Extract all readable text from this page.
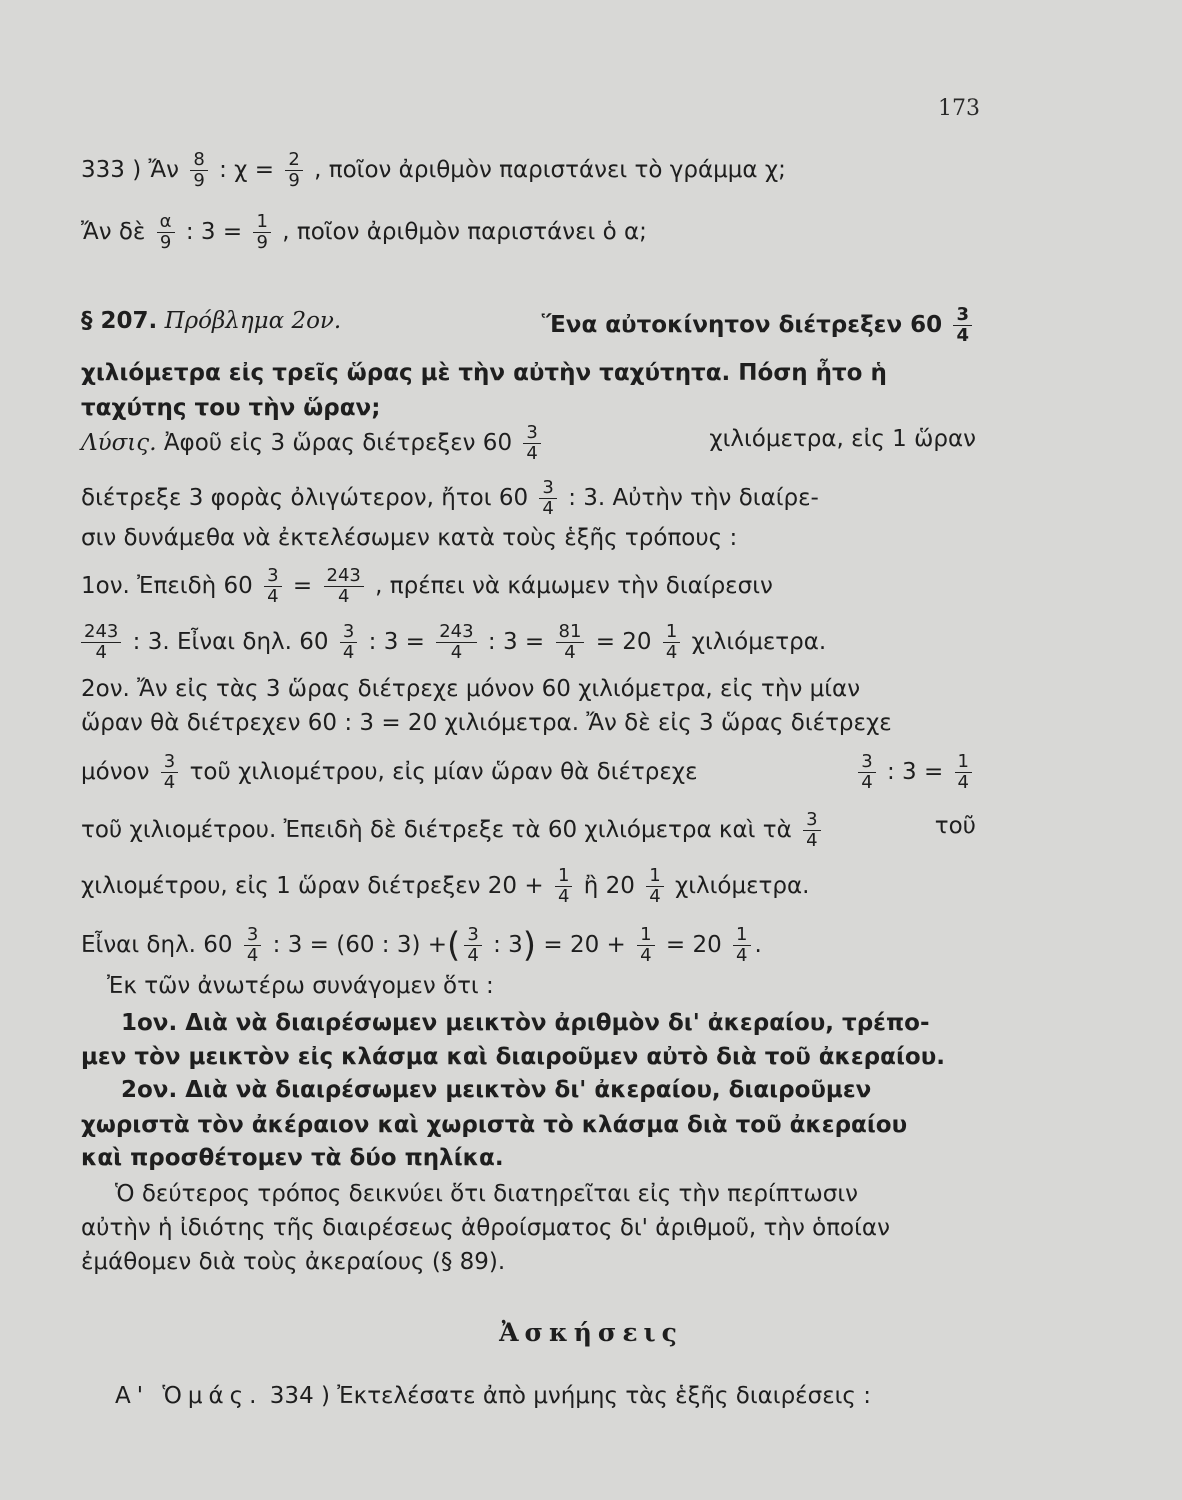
173
333 ) Ἄν $\frac{8}{9}$ : $\chi = \frac{2}{9}$ , ποῖον ἀριθμὸν παριστάνει τὸ γράμμα χ;
Ἄν δὲ $\frac{\alpha}{9}$ : $3 = \frac{1}{9}$ , ποῖον ἀριθμὸν παριστάνει ὁ α;
§ 207. Πρόβλημα 2ον.	Ἕνα αὐτοκίνητον διέτρεξεν $60 \frac{3}{4}$
χιλιόμετρα εἰς τρεῖς ὥρας μὲ τὴν αὐτὴν ταχύτητα. Πόση ἦτο ἡ
ταχύτης του τὴν ὥραν;
Λύσις. Ἀφοῦ εἰς 3 ὥρας διέτρεξεν $60 \frac{3}{4}$	χιλιόμετρα, εἰς 1 ὥραν
διέτρεξε 3 φορὰς ὀλιγώτερον, ἤτοι $60 \frac{3}{4}$ : 3. Αὐτὴν τὴν διαίρε-
σιν δυνάμεθα νὰ ἐκτελέσωμεν κατὰ τοὺς ἑξῆς τρόπους :
1ον. Ἐπειδὴ $60 \frac{3}{4} = \frac{243}{4}$ , πρέπει νὰ κάμωμεν τὴν διαίρεσιν
$\frac{243}{4}$ : 3. Εἶναι δηλ. $60 \frac{3}{4}$ : $3 = \frac{243}{4}$ : $3 = \frac{81}{4} = 20 \frac{1}{4} \chi\iota\lambda\iota ό\mu\varepsilon\tau\rho\alpha$.
2ον. Ἄν εἰς τὰς 3 ὥρας διέτρεχε μόνον 60 χιλιόμετρα, εἰς τὴν μίαν
ὥραν θὰ διέτρεχεν 60 : 3 = 20 χιλιόμετρα. Ἄν δὲ εἰς 3 ὥρας διέτρεχε
μόνον $\frac{3}{4}$ τοῦ χιλιομέτρου, εἰς μίαν ὥραν θὰ διέτρεχε	$\frac{3}{4}$ : $3 = \frac{1}{4}$
τοῦ χιλιομέτρου. Ἐπειδὴ δὲ διέτρεξε τὰ 60 χιλιόμετρα καὶ τὰ $\frac{3}{4}$	τοῦ
χιλιομέτρου, εἰς 1 ὥραν διέτρεξεν $20 + \frac{1}{4}$ ἢ $20 \frac{1}{4} \chi\iota\lambda\iota ό\mu\varepsilon\tau\rho\alpha$.
Εἶναι δηλ. $60 \frac{3}{4}$ : 3 = (60 : 3) +( $\frac{3}{4}$ : $3) = 20 + \frac{1}{4} = 20 \frac{1}{4}$ .
Ἐκ τῶν ἀνωτέρω συνάγομεν ὅτι :
1ον. Διὰ νὰ διαιρέσωμεν μεικτὸν ἀριθμὸν δι' ἀκεραίου, τρέπο-
μεν τὸν μεικτὸν εἰς κλάσμα καὶ διαιροῦμεν αὐτὸ διὰ τοῦ ἀκεραίου.
2ον. Διὰ νὰ διαιρέσωμεν μεικτὸν δι' ἀκεραίου, διαιροῦμεν
χωριστὰ τὸν ἀκέραιον καὶ χωριστὰ τὸ κλάσμα διὰ τοῦ ἀκεραίου
καὶ προσθέτομεν τὰ δύο πηλίκα.
Ὁ δεύτερος τρόπος δεικνύει ὅτι διατηρεῖται εἰς τὴν περίπτωσιν
αὐτὴν ἡ ἰδιότης τῆς διαιρέσεως ἀθροίσματος δι' ἀριθμοῦ, τὴν ὁποίαν
ἐμάθομεν διὰ τοὺς ἀκεραίους (§ 89).
Ἀσκήσεις
Α' Ὁμάς. 334 ) Ἐκτελέσατε ἀπὸ μνήμης τὰς ἑξῆς διαιρέσεις :
